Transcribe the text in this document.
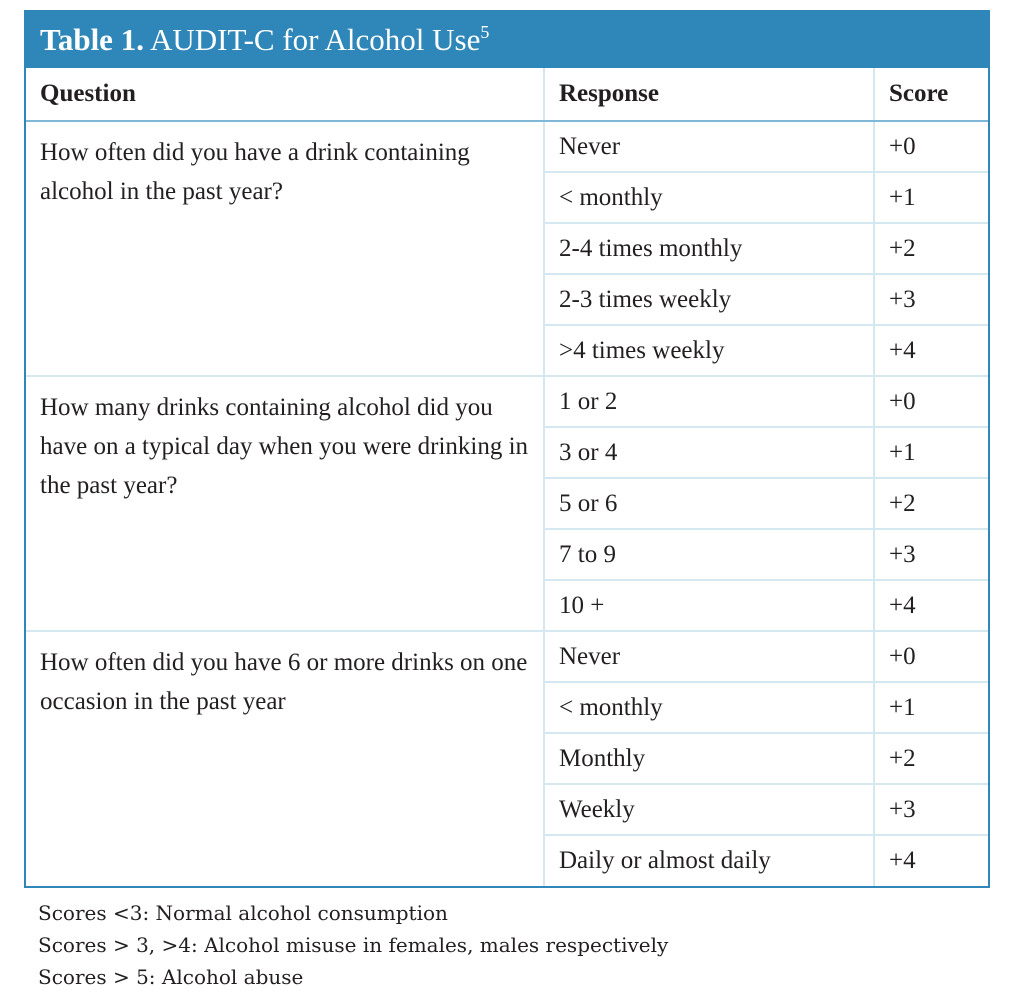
Table 1. AUDIT-C for Alcohol Use$^5$
Question	Response	Score
How often did you have a drink containing alcohol in the past year?	Never	+0
	< monthly	+1
	2-4 times monthly	+2
	2-3 times weekly	+3
	>4 times weekly	+4
How many drinks containing alcohol did you have on a typical day when you were drinking in the past year?	1 or 2	+0
	3 or 4	+1
	5 or 6	+2
	7 to 9	+3
	10 +	+4
How often did you have 6 or more drinks on one occasion in the past year	Never	+0
	< monthly	+1
	Monthly	+2
	Weekly	+3
	Daily or almost daily	+4
Scores <3: Normal alcohol consumption
Scores > 3, >4: Alcohol misuse in females, males respectively
Scores > 5: Alcohol abuse
